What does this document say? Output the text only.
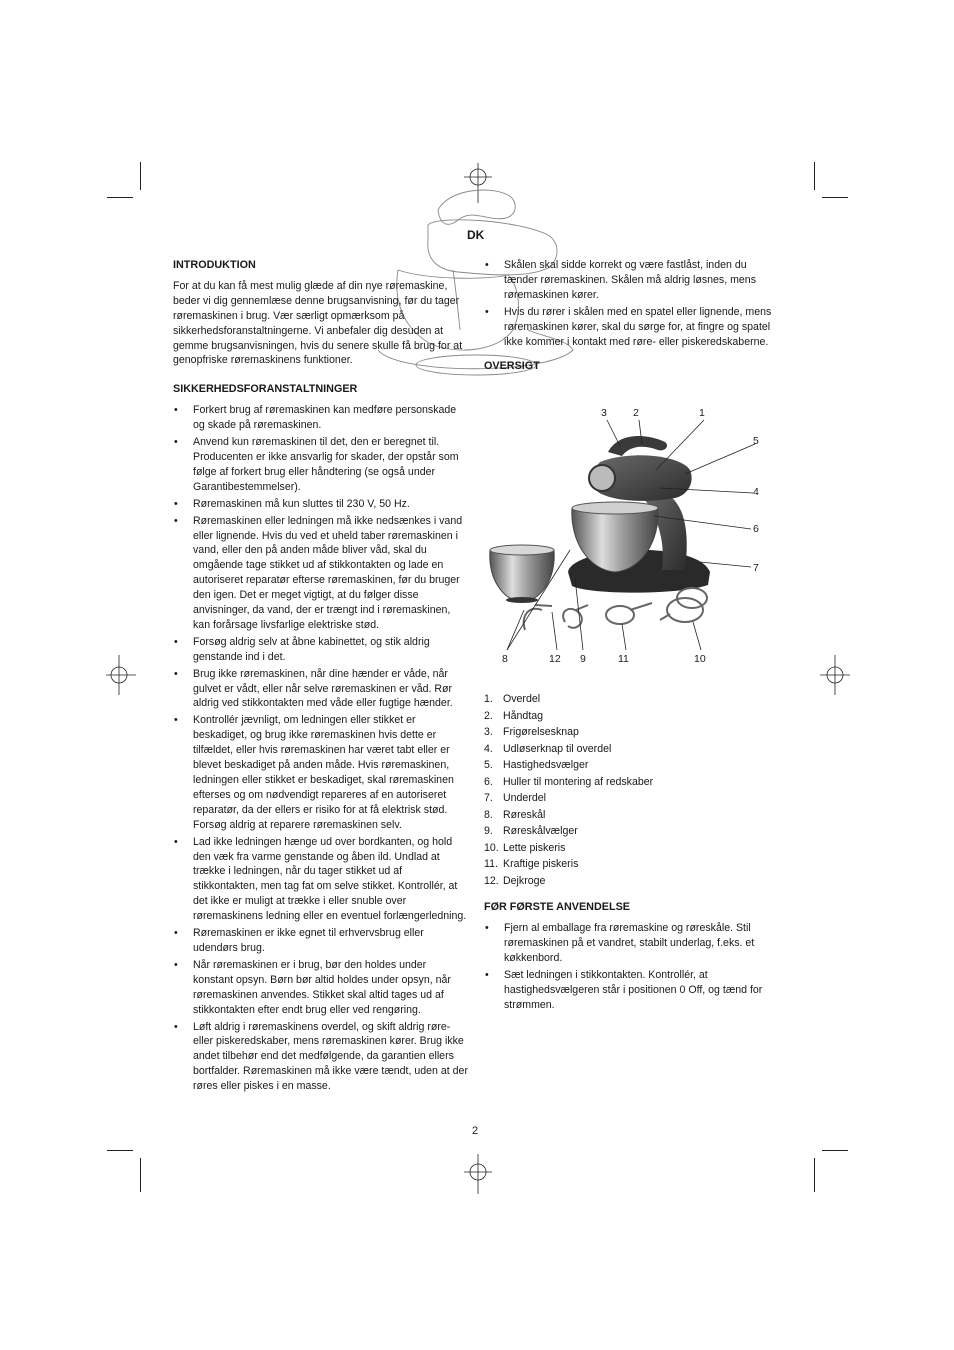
DK
INTRODUKTION
For at du kan få mest mulig glæde af din nye røremaskine, beder vi dig gennemlæse denne brugsanvisning, før du tager røremaskinen i brug. Vær særligt opmærksom på sikkerhedsforanstaltningerne. Vi anbefaler dig desuden at gemme brugsanvisningen, hvis du senere skulle få brug for at genopfriske røremaskinens funktioner.
SIKKERHEDSFORANSTALTNINGER
• Forkert brug af røremaskinen kan medføre personskade og skade på røremaskinen.
• Anvend kun røremaskinen til det, den er beregnet til. Producenten er ikke ansvarlig for skader, der opstår som følge af forkert brug eller håndtering (se også under Garantibestemmelser).
• Røremaskinen må kun sluttes til 230 V, 50 Hz.
• Røremaskinen eller ledningen må ikke nedsænkes i vand eller lignende. Hvis du ved et uheld taber røremaskinen i vand, eller den på anden måde bliver våd, skal du omgående tage stikket ud af stikkontakten og lade en autoriseret reparatør efterse røremaskinen, før du bruger den igen. Det er meget vigtigt, at du følger disse anvisninger, da vand, der er trængt ind i røremaskinen, kan forårsage livsfarlige elektriske stød.
• Forsøg aldrig selv at åbne kabinettet, og stik aldrig genstande ind i det.
• Brug ikke røremaskinen, når dine hænder er våde, når gulvet er vådt, eller når selve røremaskinen er våd. Rør aldrig ved stikkontakten med våde eller fugtige hænder.
• Kontrollér jævnligt, om ledningen eller stikket er beskadiget, og brug ikke røremaskinen hvis dette er tilfældet, eller hvis røremaskinen har været tabt eller er blevet beskadiget på anden måde. Hvis røremaskinen, ledningen eller stikket er beskadiget, skal røremaskinen efterses og om nødvendigt repareres af en autoriseret reparatør, da der ellers er risiko for at få elektrisk stød. Forsøg aldrig at reparere røremaskinen selv.
• Lad ikke ledningen hænge ud over bordkanten, og hold den væk fra varme genstande og åben ild. Undlad at trække i ledningen, når du tager stikket ud af stikkontakten, men tag fat om selve stikket. Kontrollér, at det ikke er muligt at trække i eller snuble over røremaskinens ledning eller en eventuel forlængerledning.
• Røremaskinen er ikke egnet til erhvervsbrug eller udendørs brug.
• Når røremaskinen er i brug, bør den holdes under konstant opsyn. Børn bør altid holdes under opsyn, når røremaskinen anvendes. Stikket skal altid tages ud af stikkontakten efter endt brug eller ved rengøring.
• Løft aldrig i røremaskinens overdel, og skift aldrig røre- eller piskeredskaber, mens røremaskinen kører. Brug ikke andet tilbehør end det medfølgende, da garantien ellers bortfalder. Røremaskinen må ikke være tændt, uden at der røres eller piskes i en masse.
• Skålen skal sidde korrekt og være fastlåst, inden du tænder røremaskinen. Skålen må aldrig løsnes, mens røremaskinen kører.
• Hvis du rører i skålen med en spatel eller lignende, mens røremaskinen kører, skal du sørge for, at fingre og spatel ikke kommer i kontakt med røre- eller piskeredskaberne.
OVERSIGT
3 2	1
5
4
6
7
8	12 9	11	10
1. Overdel
2. Håndtag
3. Frigørelsesknap
4. Udløserknap til overdel
5. Hastighedsvælger
6. Huller til montering af redskaber
7. Underdel
8. Røreskål
9. Røreskålvælger
10. Lette piskeris
11. Kraftige piskeris
12. Dejkroge
FØR FØRSTE ANVENDELSE
• Fjern al emballage fra røremaskine og røreskåle. Stil røremaskinen på et vandret, stabilt underlag, f.eks. et køkkenbord.
• Sæt ledningen i stikkontakten. Kontrollér, at hastighedsvælgeren står i positionen 0 Off, og tænd for strømmen.
2
